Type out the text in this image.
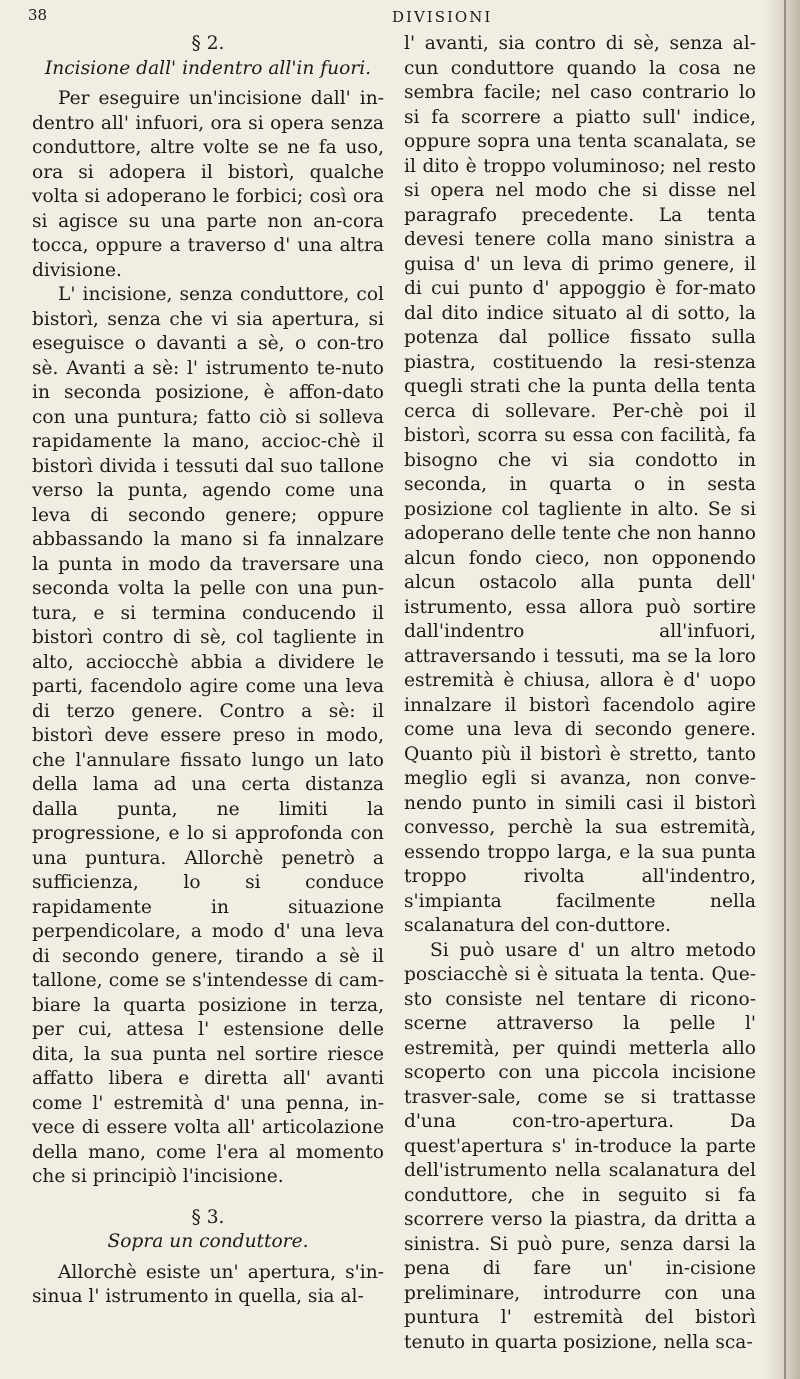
38	DIVISIONI
§ 2.
Incisione dall' indentro all'in fuori.

Per eseguire un'incisione dall' in-dentro all' infuori, ora si opera senza conduttore, altre volte se ne fa uso, ora si adopera il bistorì, qualche volta si adoperano le forbici; così ora si agisce su una parte non an-cora tocca, oppure a traverso d' una altra divisione.

L' incisione, senza conduttore, col bistorì, senza che vi sia apertura, si eseguisce o davanti a sè, o con-tro sè. Avanti a sè: l' istrumento te-nuto in seconda posizione, è affon-dato con una puntura; fatto ciò si solleva rapidamente la mano, accioc-chè il bistorì divida i tessuti dal suo tallone verso la punta, agendo come una leva di secondo genere; oppure abbassando la mano si fa innalzare la punta in modo da traversare una seconda volta la pelle con una pun-tura, e si termina conducendo il bistorì contro di sè, col tagliente in alto, acciocchè abbia a dividere le parti, facendolo agire come una leva di terzo genere. Contro a sè: il bistorì deve essere preso in modo, che l'annulare fissato lungo un lato della lama ad una certa distanza dalla punta, ne limiti la progressione, e lo si approfonda con una puntura. Allorchè penetrò a sufficienza, lo si conduce rapidamente in situazione perpendicolare, a modo d' una leva di secondo genere, tirando a sè il tallone, come se s'intendesse di cam-biare la quarta posizione in terza, per cui, attesa l' estensione delle dita, la sua punta nel sortire riesce affatto libera e diretta all' avanti come l' estremità d' una penna, in-vece di essere volta all' articolazione della mano, come l'era al momento che si principiò l'incisione.

§ 3.
Sopra un conduttore.

Allorchè esiste un' apertura, s'in-sinua l' istrumento in quella, sia al-

l' avanti, sia contro di sè, senza al-cun conduttore quando la cosa ne sembra facile; nel caso contrario lo si fa scorrere a piatto sull' indice, oppure sopra una tenta scanalata, se il dito è troppo voluminoso; nel resto si opera nel modo che si disse nel paragrafo precedente. La tenta devesi tenere colla mano sinistra a guisa d' un leva di primo genere, il di cui punto d' appoggio è for-mato dal dito indice situato al di sotto, la potenza dal pollice fissato sulla piastra, costituendo la resi-stenza quegli strati che la punta della tenta cerca di sollevare. Per-chè poi il bistorì, scorra su essa con facilità, fa bisogno che vi sia condotto in seconda, in quarta o in sesta posizione col tagliente in alto. Se si adoperano delle tente che non hanno alcun fondo cieco, non opponendo alcun ostacolo alla punta dell' istrumento, essa allora può sortire dall'indentro all'infuori, attraversando i tessuti, ma se la loro estremità è chiusa, allora è d' uopo innalzare il bistorì facendolo agire come una leva di secondo genere. Quanto più il bistorì è stretto, tanto meglio egli si avanza, non conve-nendo punto in simili casi il bistorì convesso, perchè la sua estremità, essendo troppo larga, e la sua punta troppo rivolta all'indentro, s'impianta facilmente nella scalanatura del con-duttore.

Si può usare d' un altro metodo posciacchè si è situata la tenta. Que-sto consiste nel tentare di ricono-scerne attraverso la pelle l' estremità, per quindi metterla allo scoperto con una piccola incisione trasver-sale, come se si trattasse d'una con-tro-apertura. Da quest'apertura s' in-troduce la parte dell'istrumento nella scalanatura del conduttore, che in seguito si fa scorrere verso la piastra, da dritta a sinistra. Si può pure, senza darsi la pena di fare un' in-cisione preliminare, introdurre con una puntura l' estremità del bistorì tenuto in quarta posizione, nella sca-
